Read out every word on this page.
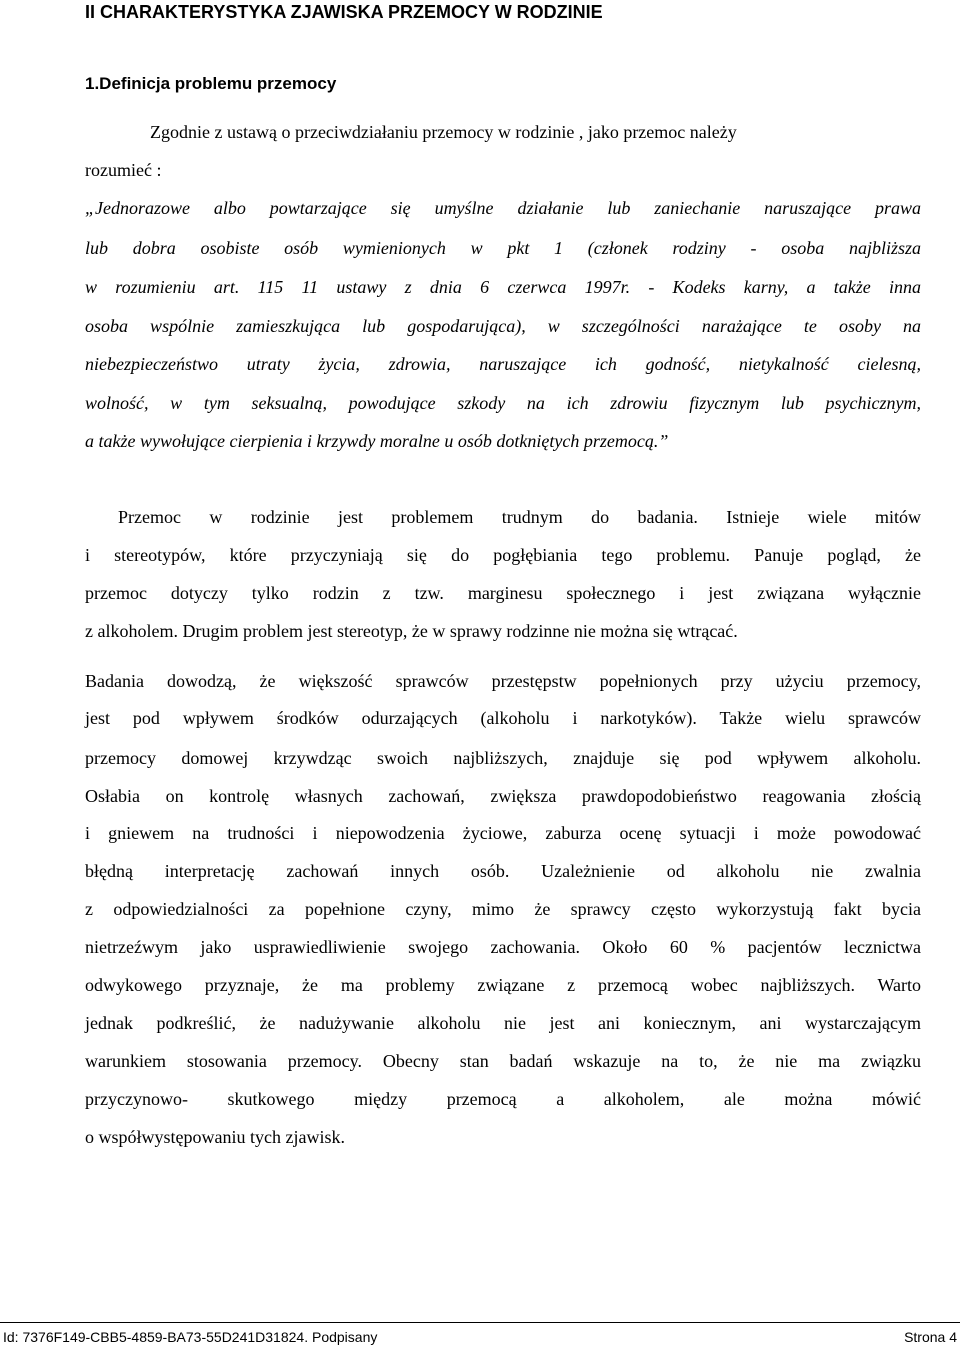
II CHARAKTERYSTYKA ZJAWISKA PRZEMOCY W RODZINIE
1.Definicja problemu przemocy

Zgodnie z ustawą o przeciwdziałaniu przemocy w rodzinie , jako przemoc należy

rozumieć :

„Jednorazowe albo powtarzające się umyślne działanie lub zaniechanie naruszające prawa

lub dobra osobiste osób wymienionych w pkt 1 (członek rodziny - osoba najbliższa

w rozumieniu art. 115 11 ustawy z dnia 6 czerwca 1997r. - Kodeks karny, a także inna

osoba wspólnie zamieszkująca lub gospodarująca), w szczególności narażające te osoby na

niebezpieczeństwo utraty życia, zdrowia, naruszające ich godność, nietykalność cielesną,

wolność, w tym seksualną, powodujące szkody na ich zdrowiu fizycznym lub psychicznym,

a także wywołujące cierpienia i krzywdy moralne u osób dotkniętych przemocą.”

Przemoc w rodzinie jest problemem trudnym do badania. Istnieje wiele mitów

i stereotypów, które przyczyniają się do pogłębiania tego problemu. Panuje pogląd, że

przemoc dotyczy tylko rodzin z tzw. marginesu społecznego i jest związana wyłącznie

z alkoholem. Drugim problem jest stereotyp, że w sprawy rodzinne nie można się wtrącać.

Badania dowodzą, że większość sprawców przestępstw popełnionych przy użyciu przemocy,

jest pod wpływem środków odurzających (alkoholu i narkotyków). Także wielu sprawców

przemocy domowej krzywdząc swoich najbliższych, znajduje się pod wpływem alkoholu.

Osłabia on kontrolę własnych zachowań, zwiększa prawdopodobieństwo reagowania złością

i gniewem na trudności i niepowodzenia życiowe, zaburza ocenę sytuacji i może powodować

błędną interpretację zachowań innych osób. Uzależnienie od alkoholu nie zwalnia

z odpowiedzialności za popełnione czyny, mimo że sprawcy często wykorzystują fakt bycia

nietrzeźwym jako usprawiedliwienie swojego zachowania. Około 60 % pacjentów lecznictwa

odwykowego przyznaje, że ma problemy związane z przemocą wobec najbliższych. Warto

jednak podkreślić, że nadużywanie alkoholu nie jest ani koniecznym, ani wystarczającym

warunkiem stosowania przemocy. Obecny stan badań wskazuje na to, że nie ma związku

przyczynowo- skutkowego między przemocą a alkoholem, ale można mówić

o współwystępowaniu tych zjawisk.

Id: 7376F149-CBB5-4859-BA73-55D241D31824. Podpisany	Strona 4
